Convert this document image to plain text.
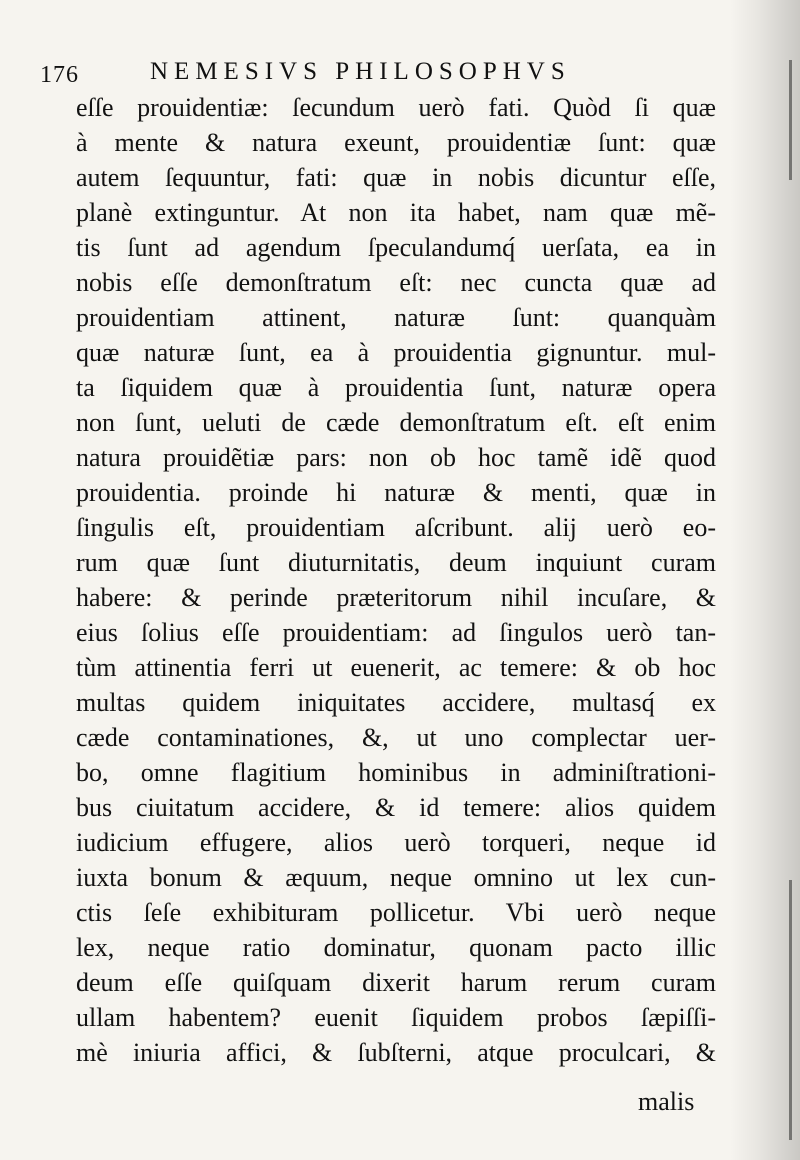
176	NEMESIVS PHILOSOPHVS
eſſe prouidentiæ: ſecundum uerò fati. Quòd ſi quæ
à mente & natura exeunt, prouidentiæ ſunt: quæ
autem ſequuntur, fati: quæ in nobis dicuntur eſſe,
planè extinguntur. At non ita habet, nam quæ mẽ-
tis ſunt ad agendum ſpeculandumq́ uerſata, ea in
nobis eſſe demonſtratum eſt: nec cuncta quæ ad
prouidentiam attinent, naturæ ſunt: quanquàm
quæ naturæ ſunt, ea à prouidentia gignuntur. mul-
ta ſiquidem quæ à prouidentia ſunt, naturæ opera
non ſunt, ueluti de cæde demonſtratum eſt. eſt enim
natura prouidẽtiæ pars: non ob hoc tamẽ idẽ quod
prouidentia. proinde hi naturæ & menti, quæ in
ſingulis eſt, prouidentiam aſcribunt. alij uerò eo-
rum quæ ſunt diuturnitatis, deum inquiunt curam
habere: & perinde præteritorum nihil incuſare, &
eius ſolius eſſe prouidentiam: ad ſingulos uerò tan-
tùm attinentia ferri ut euenerit, ac temere: & ob hoc
multas quidem iniquitates accidere, multasq́ ex
cæde contaminationes, &, ut uno complectar uer-
bo, omne flagitium hominibus in adminiſtrationi-
bus ciuitatum accidere, & id temere: alios quidem
iudicium effugere, alios uerò torqueri, neque id
iuxta bonum & æquum, neque omnino ut lex cun-
ctis ſeſe exhibituram pollicetur. Vbi uerò neque
lex, neque ratio dominatur, quonam pacto illic
deum eſſe quiſquam dixerit harum rerum curam
ullam habentem? euenit ſiquidem probos ſæpiſſi-
mè iniuria affici, & ſubſterni, atque proculcari, &
malis
